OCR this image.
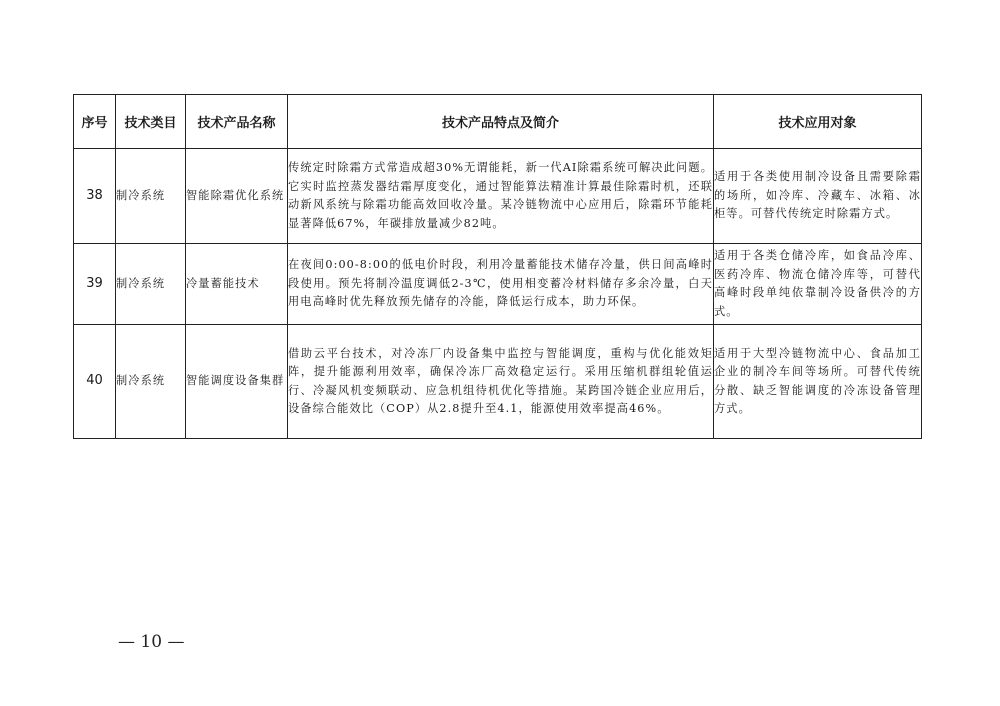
序号	技术类目	技术产品名称	技术产品特点及简介	技术应用对象
38	制冷系统	智能除霜优化系统	传统定时除霜方式常造成超30%无谓能耗，新一代AI除霜系统可解决此问题。它实时监控蒸发器结霜厚度变化，通过智能算法精准计算最佳除霜时机，还联动新风系统与除霜功能高效回收冷量。某冷链物流中心应用后，除霜环节能耗显著降低67%，年碳排放量减少82吨。	适用于各类使用制冷设备且需要除霜的场所，如冷库、冷藏车、冰箱、冰柜等。可替代传统定时除霜方式。
39	制冷系统	冷量蓄能技术	在夜间0:00-8:00的低电价时段，利用冷量蓄能技术储存冷量，供日间高峰时段使用。预先将制冷温度调低2-3℃，使用相变蓄冷材料储存多余冷量，白天用电高峰时优先释放预先储存的冷能，降低运行成本，助力环保。	适用于各类仓储冷库，如食品冷库、医药冷库、物流仓储冷库等，可替代高峰时段单纯依靠制冷设备供冷的方式。
40	制冷系统	智能调度设备集群	借助云平台技术，对冷冻厂内设备集中监控与智能调度，重构与优化能效矩阵，提升能源利用效率，确保冷冻厂高效稳定运行。采用压缩机群组轮值运行、冷凝风机变频联动、应急机组待机优化等措施。某跨国冷链企业应用后，设备综合能效比（COP）从2.8提升至4.1，能源使用效率提高46%。	适用于大型冷链物流中心、食品加工企业的制冷车间等场所。可替代传统分散、缺乏智能调度的冷冻设备管理方式。
— 10 —
